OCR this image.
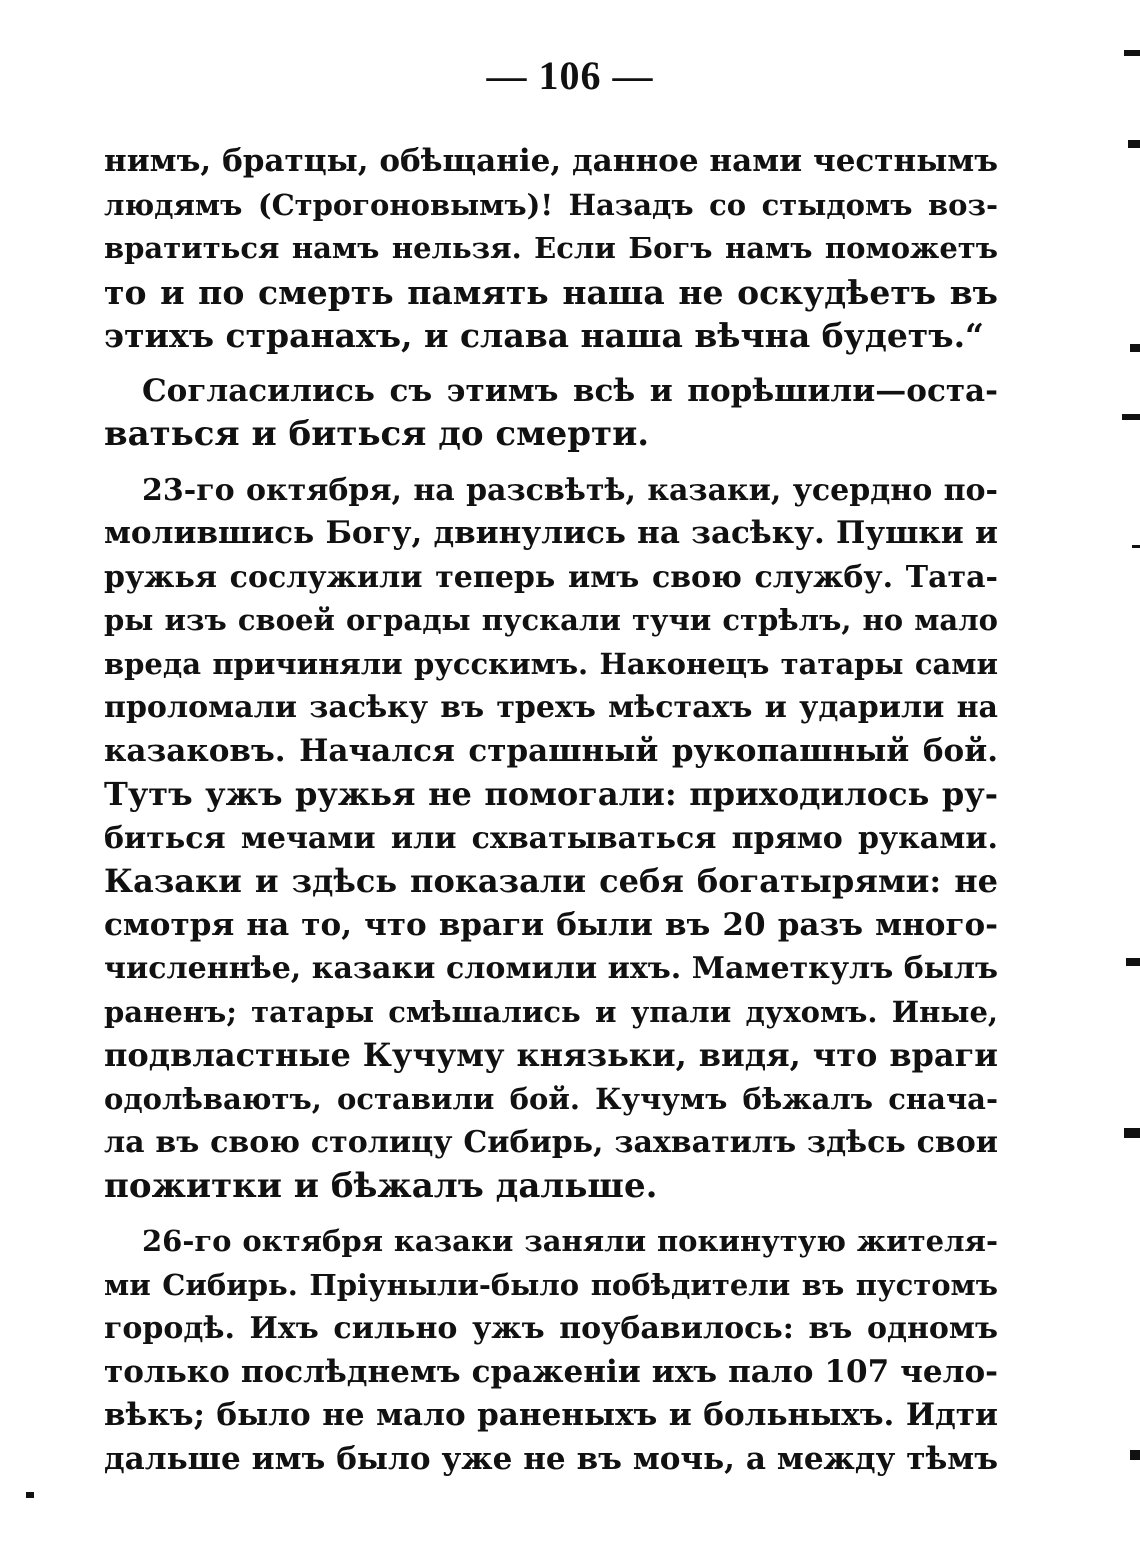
— 106 —
нимъ, братцы, обѣщаніе, данное нами честнымъ
людямъ (Строгоновымъ)! Назадъ со стыдомъ воз-
вратиться намъ нельзя. Если Богъ намъ поможетъ
то и по смерть память наша не оскудѣетъ въ
этихъ странахъ, и слава наша вѣчна будетъ.“
Согласились съ этимъ всѣ и порѣшили—оста-
ваться и биться до смерти.
23-го октября, на разсвѣтѣ, казаки, усердно по-
молившись Богу, двинулись на засѣку. Пушки и
ружья сослужили теперь имъ свою службу. Тата-
ры изъ своей ограды пускали тучи стрѣлъ, но мало
вреда причиняли русскимъ. Наконецъ татары сами
проломали засѣку въ трехъ мѣстахъ и ударили на
казаковъ. Начался страшный рукопашный бой.
Тутъ ужъ ружья не помогали: приходилось ру-
биться мечами или схватываться прямо руками.
Казаки и здѣсь показали себя богатырями: не
смотря на то, что враги были въ 20 разъ много-
численнѣе, казаки сломили ихъ. Маметкулъ былъ
раненъ; татары смѣшались и упали духомъ. Иные,
подвластные Кучуму князьки, видя, что враги
одолѣваютъ, оставили бой. Кучумъ бѣжалъ снача-
ла въ свою столицу Сибирь, захватилъ здѣсь свои
пожитки и бѣжалъ дальше.
26-го октября казаки заняли покинутую жителя-
ми Сибирь. Пріуныли-было побѣдители въ пустомъ
городѣ. Ихъ сильно ужъ поубавилось: въ одномъ
только послѣднемъ сраженіи ихъ пало 107 чело-
вѣкъ; было не мало раненыхъ и больныхъ. Идти
дальше имъ было уже не въ мочь, а между тѣмъ
